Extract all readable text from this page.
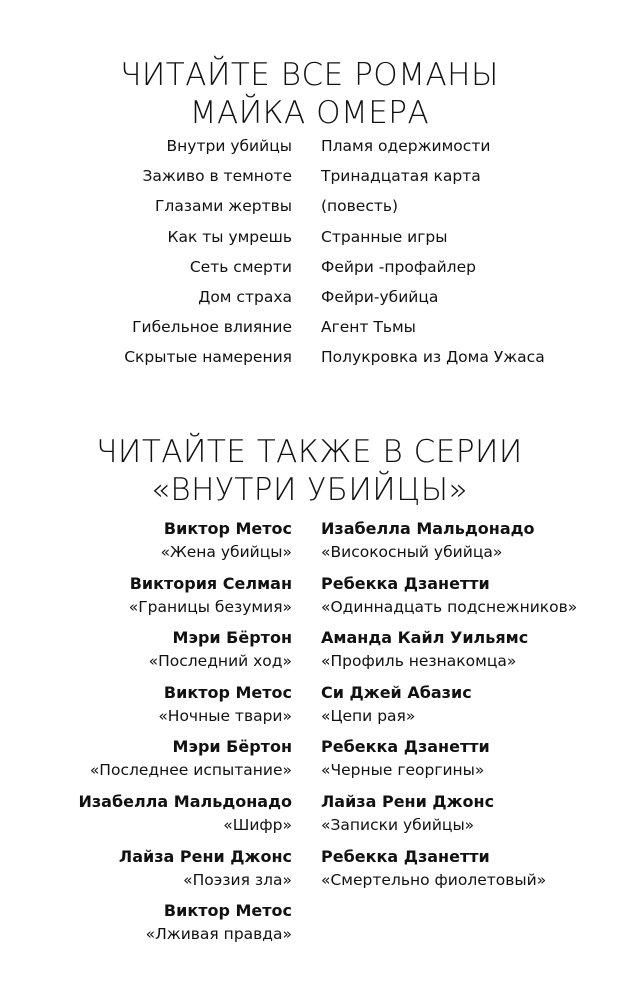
ЧИТАЙТЕ ВСЕ РОМАНЫ
МАЙКА ОМЕРА
Внутри убийцы
Заживо в темноте
Глазами жертвы
Как ты умрешь
Сеть смерти
Дом страха
Гибельное влияние
Скрытые намерения
Пламя одержимости
Тринадцатая карта
(повесть)
Странные игры
Фейри -профайлер
Фейри-убийца
Агент Тьмы
Полукровка из Дома Ужаса
ЧИТАЙТЕ ТАКЖЕ В СЕРИИ
«ВНУТРИ УБИЙЦЫ»
Виктор Метос
«Жена убийцы»
Виктория Селман
«Границы безумия»
Мэри Бёртон
«Последний ход»
Виктор Метос
«Ночные твари»
Мэри Бёртон
«Последнее испытание»
Изабелла Мальдонадо
«Шифр»
Лайза Рени Джонс
«Поэзия зла»
Виктор Метос
«Лживая правда»
Изабелла Мальдонадо
«Високосный убийца»
Ребекка Дзанетти
«Одиннадцать подснежников»
Аманда Кайл Уильямс
«Профиль незнакомца»
Си Джей Абазис
«Цепи рая»
Ребекка Дзанетти
«Черные георгины»
Лайза Рени Джонс
«Записки убийцы»
Ребекка Дзанетти
«Смертельно фиолетовый»
